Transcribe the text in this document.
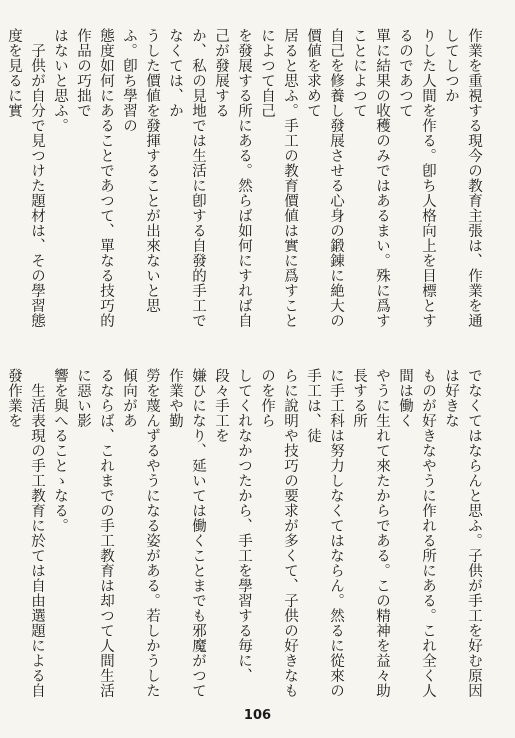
作業を重視する現今の教育主張は、作業を通してしつか
りした人間を作る。卽ち人格向上を目標とするのであつて
單に結果の收穫のみではあるまい。殊に爲すことによつて
自己を修養し發展させる心身の鍛錬に絶大の價値を求めて
居ると思ふ。手工の教育價値は實に爲すことによつて自己
を發展する所にある。然らば如何にすれば自己が發展する
か、私の見地では生活に卽する自發的手工でなくては、か
うした價値を發揮することが出來ないと思ふ。卽ち學習の
態度如何にあることであつて、單なる技巧的作品の巧拙で
はないと思ふ。
　子供が自分で見つけた題材は、その學習態度を見るに實
でなくてはならんと思ふ。子供が手工を好む原因は好きな
ものが好きなやうに作れる所にある。これ全く人間は働く
やうに生れて來たからである。この精神を益々助長する所
に手工科は努力しなくてはならん。然るに從來の手工は、徒
らに說明や技巧の要求が多くて、子供の好きなものを作ら
してくれなかつたから、手工を學習する毎に、段々手工を
嫌ひになり、延いては働くことまでも邪魔がつて作業や勤
勞を蔑んずるやうになる姿がある。若しかうした傾向があ
るならば、これまでの手工教育は却つて人間生活に惡い影
響を與へることゝなる。
　生活表現の手工教育に於ては自由選題による自發作業を
106
